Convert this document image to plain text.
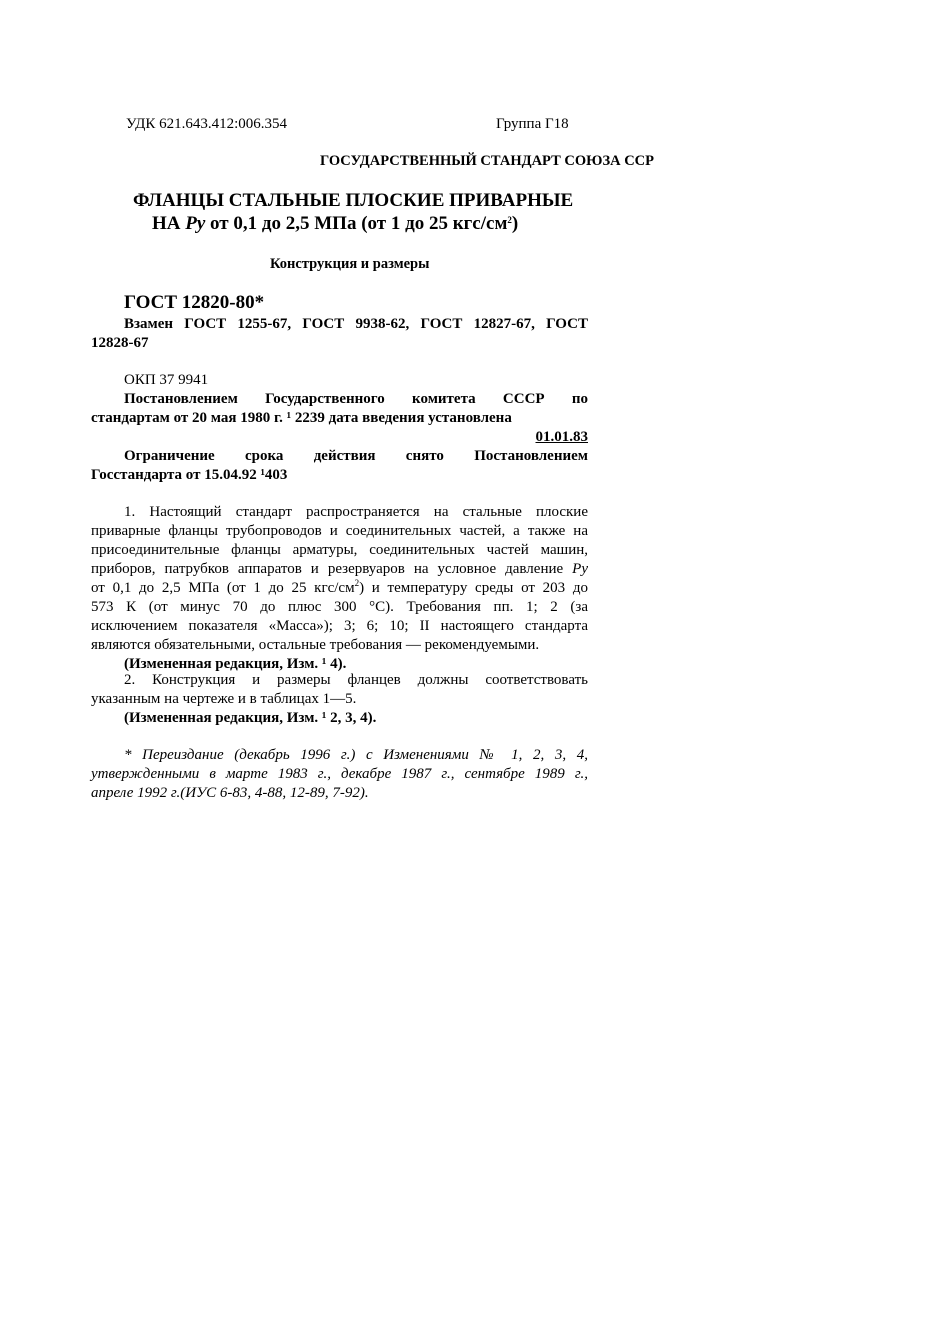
УДК 621.643.412:006.354	Группа Г18
ГОСУДАРСТВЕННЫЙ СТАНДАРТ СОЮЗА ССР
ФЛАНЦЫ СТАЛЬНЫЕ ПЛОСКИЕ ПРИВАРНЫЕ
НА Ру от 0,1 до 2,5 МПа (от 1 до 25 кгс/$см^2$)
Конструкция и размеры
ГОСТ 12820-80*
Взамен ГОСТ 1255-67, ГОСТ 9938-62, ГОСТ 12827-67, ГОСТ
12828-67
ОКП 37 9941
Постановлением Государственного комитета СССР по
стандартам от 20 мая 1980 г. ¹ 2239 дата введения установлена
01.01.83
Ограничение срока действия снято Постановлением
Госстандарта от 15.04.92 ¹403
1. Настоящий стандарт распространяется на стальные плоские
приварные фланцы трубопроводов и соединительных частей, а также на
присоединительные фланцы арматуры, соединительных частей машин,
приборов, патрубков аппаратов и резервуаров на условное давление Ру
от 0,1 до 2,5 МПа (от 1 до 25 кгс/$см^2$) и температуру среды от 203 до
573 К (от минус 70 до плюс 300 °С). Требования пп. 1; 2 (за
исключением показателя «Масса»); 3; 6; 10; II настоящего стандарта
являются обязательными, остальные требования — рекомендуемыми.
(Измененная редакция, Изм. ¹ 4).
2. Конструкция и размеры фланцев должны соответствовать
указанным на чертеже и в таблицах 1—5.
(Измененная редакция, Изм. ¹ 2, 3, 4).
* Переиздание (декабрь 1996 г.) с Изменениями № 1, 2, 3, 4,
утвержденными в марте 1983 г., декабре 1987 г., сентябре 1989 г.,
апреле 1992 г.(ИУС 6-83, 4-88, 12-89, 7-92).
